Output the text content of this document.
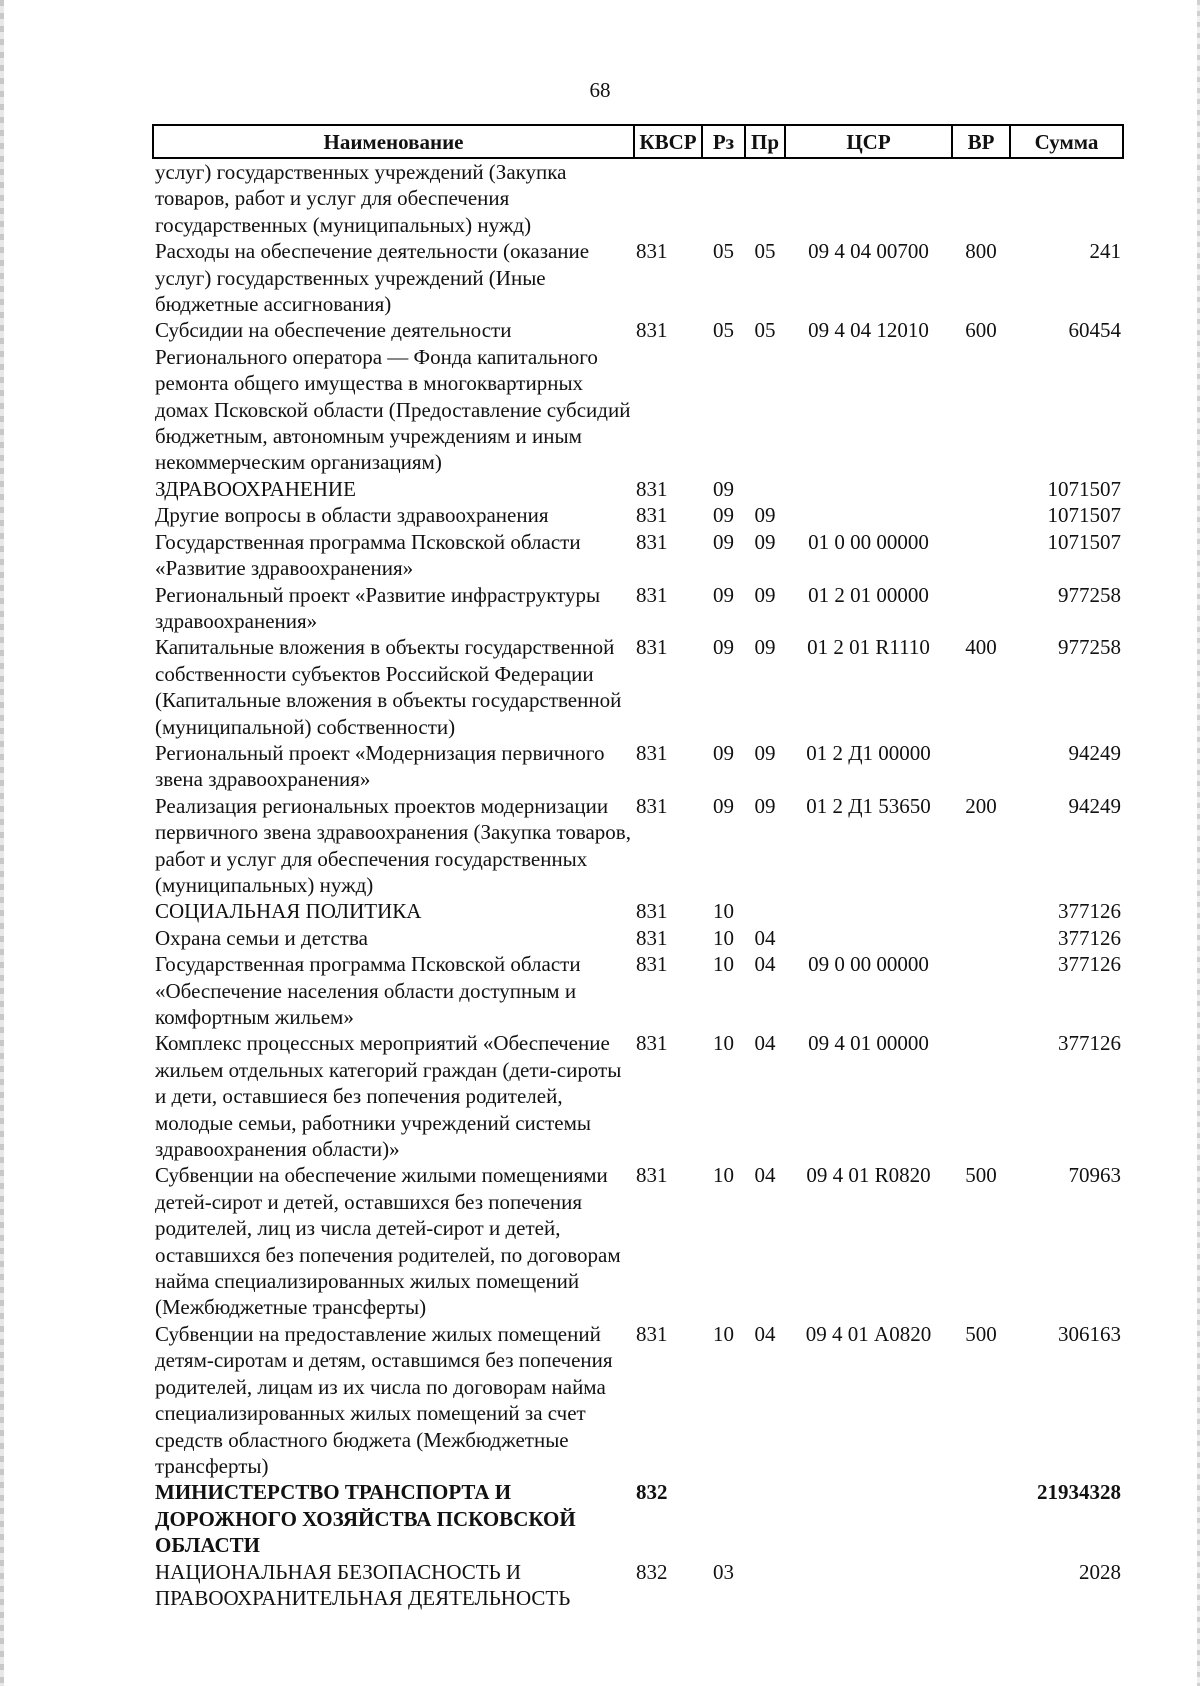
68
Наименование	КВСР	Рз	Пр	ЦСР	ВР	Сумма
услуг) государственных учреждений (Закупка товаров, работ и услуг для обеспечения государственных (муниципальных) нужд)						
Расходы на обеспечение деятельности (оказание услуг) государственных учреждений (Иные бюджетные ассигнования)	831	05	05	09 4 04 00700	800	241
Субсидии на обеспечение деятельности Регионального оператора — Фонда капитального ремонта общего имущества в многоквартирных домах Псковской области (Предоставление субсидий бюджетным, автономным учреждениям и иным некоммерческим организациям)	831	05	05	09 4 04 12010	600	60454
ЗДРАВООХРАНЕНИЕ	831	09				1071507
Другие вопросы в области здравоохранения	831	09	09			1071507
Государственная программа Псковской области «Развитие здравоохранения»	831	09	09	01 0 00 00000		1071507
Региональный проект «Развитие инфраструктуры здравоохранения»	831	09	09	01 2 01 00000		977258
Капитальные вложения в объекты государственной собственности субъектов Российской Федерации (Капитальные вложения в объекты государственной (муниципальной) собственности)	831	09	09	01 2 01 R1110	400	977258
Региональный проект «Модернизация первичного звена здравоохранения»	831	09	09	01 2 Д1 00000		94249
Реализация региональных проектов модернизации первичного звена здравоохранения (Закупка товаров, работ и услуг для обеспечения государственных (муниципальных) нужд)	831	09	09	01 2 Д1 53650	200	94249
СОЦИАЛЬНАЯ ПОЛИТИКА	831	10				377126
Охрана семьи и детства	831	10	04			377126
Государственная программа Псковской области «Обеспечение населения области доступным и комфортным жильем»	831	10	04	09 0 00 00000		377126
Комплекс процессных мероприятий «Обеспечение жильем отдельных категорий граждан (дети-сироты и дети, оставшиеся без попечения родителей, молодые семьи, работники учреждений системы здравоохранения области)»	831	10	04	09 4 01 00000		377126
Субвенции на обеспечение жилыми помещениями детей-сирот и детей, оставшихся без попечения родителей, лиц из числа детей-сирот и детей, оставшихся без попечения родителей, по договорам найма специализированных жилых помещений (Межбюджетные трансферты)	831	10	04	09 4 01 R0820	500	70963
Субвенции на предоставление жилых помещений детям-сиротам и детям, оставшимся без попечения родителей, лицам из их числа по договорам найма специализированных жилых помещений за счет средств областного бюджета (Межбюджетные трансферты)	831	10	04	09 4 01 А0820	500	306163
МИНИСТЕРСТВО ТРАНСПОРТА И ДОРОЖНОГО ХОЗЯЙСТВА ПСКОВСКОЙ ОБЛАСТИ	832					21934328
НАЦИОНАЛЬНАЯ БЕЗОПАСНОСТЬ И ПРАВООХРАНИТЕЛЬНАЯ ДЕЯТЕЛЬНОСТЬ	832	03				2028
